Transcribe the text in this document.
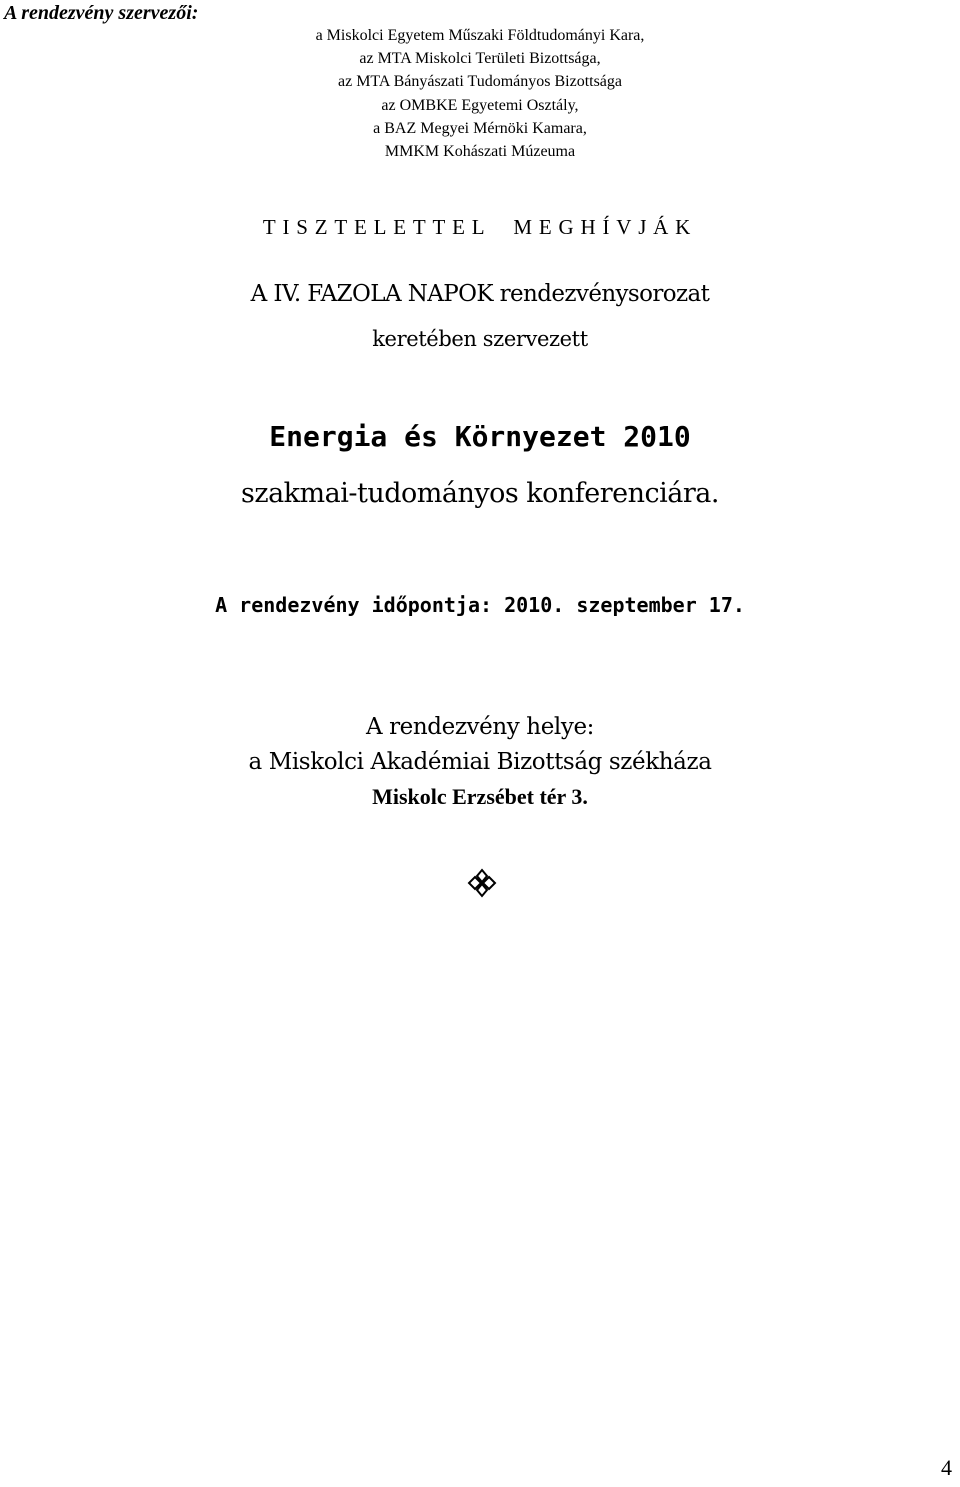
A rendezvény szervezői:
a Miskolci Egyetem Műszaki Földtudományi Kara,
az MTA Miskolci Területi Bizottsága,
az MTA Bányászati Tudományos Bizottsága
az OMBKE Egyetemi Osztály,
a BAZ Megyei Mérnöki Kamara,
MMKM Kohászati Múzeuma
TISZTELETTEL MEGHÍVJÁK
A IV. FAZOLA NAPOK rendezvénysorozat
keretében szervezett
Energia és Környezet 2010
szakmai-tudományos konferenciára.
A rendezvény időpontja: 2010. szeptember 17.
A rendezvény helye:
a Miskolci Akadémiai Bizottság székháza
Miskolc Erzsébet tér 3.
4
